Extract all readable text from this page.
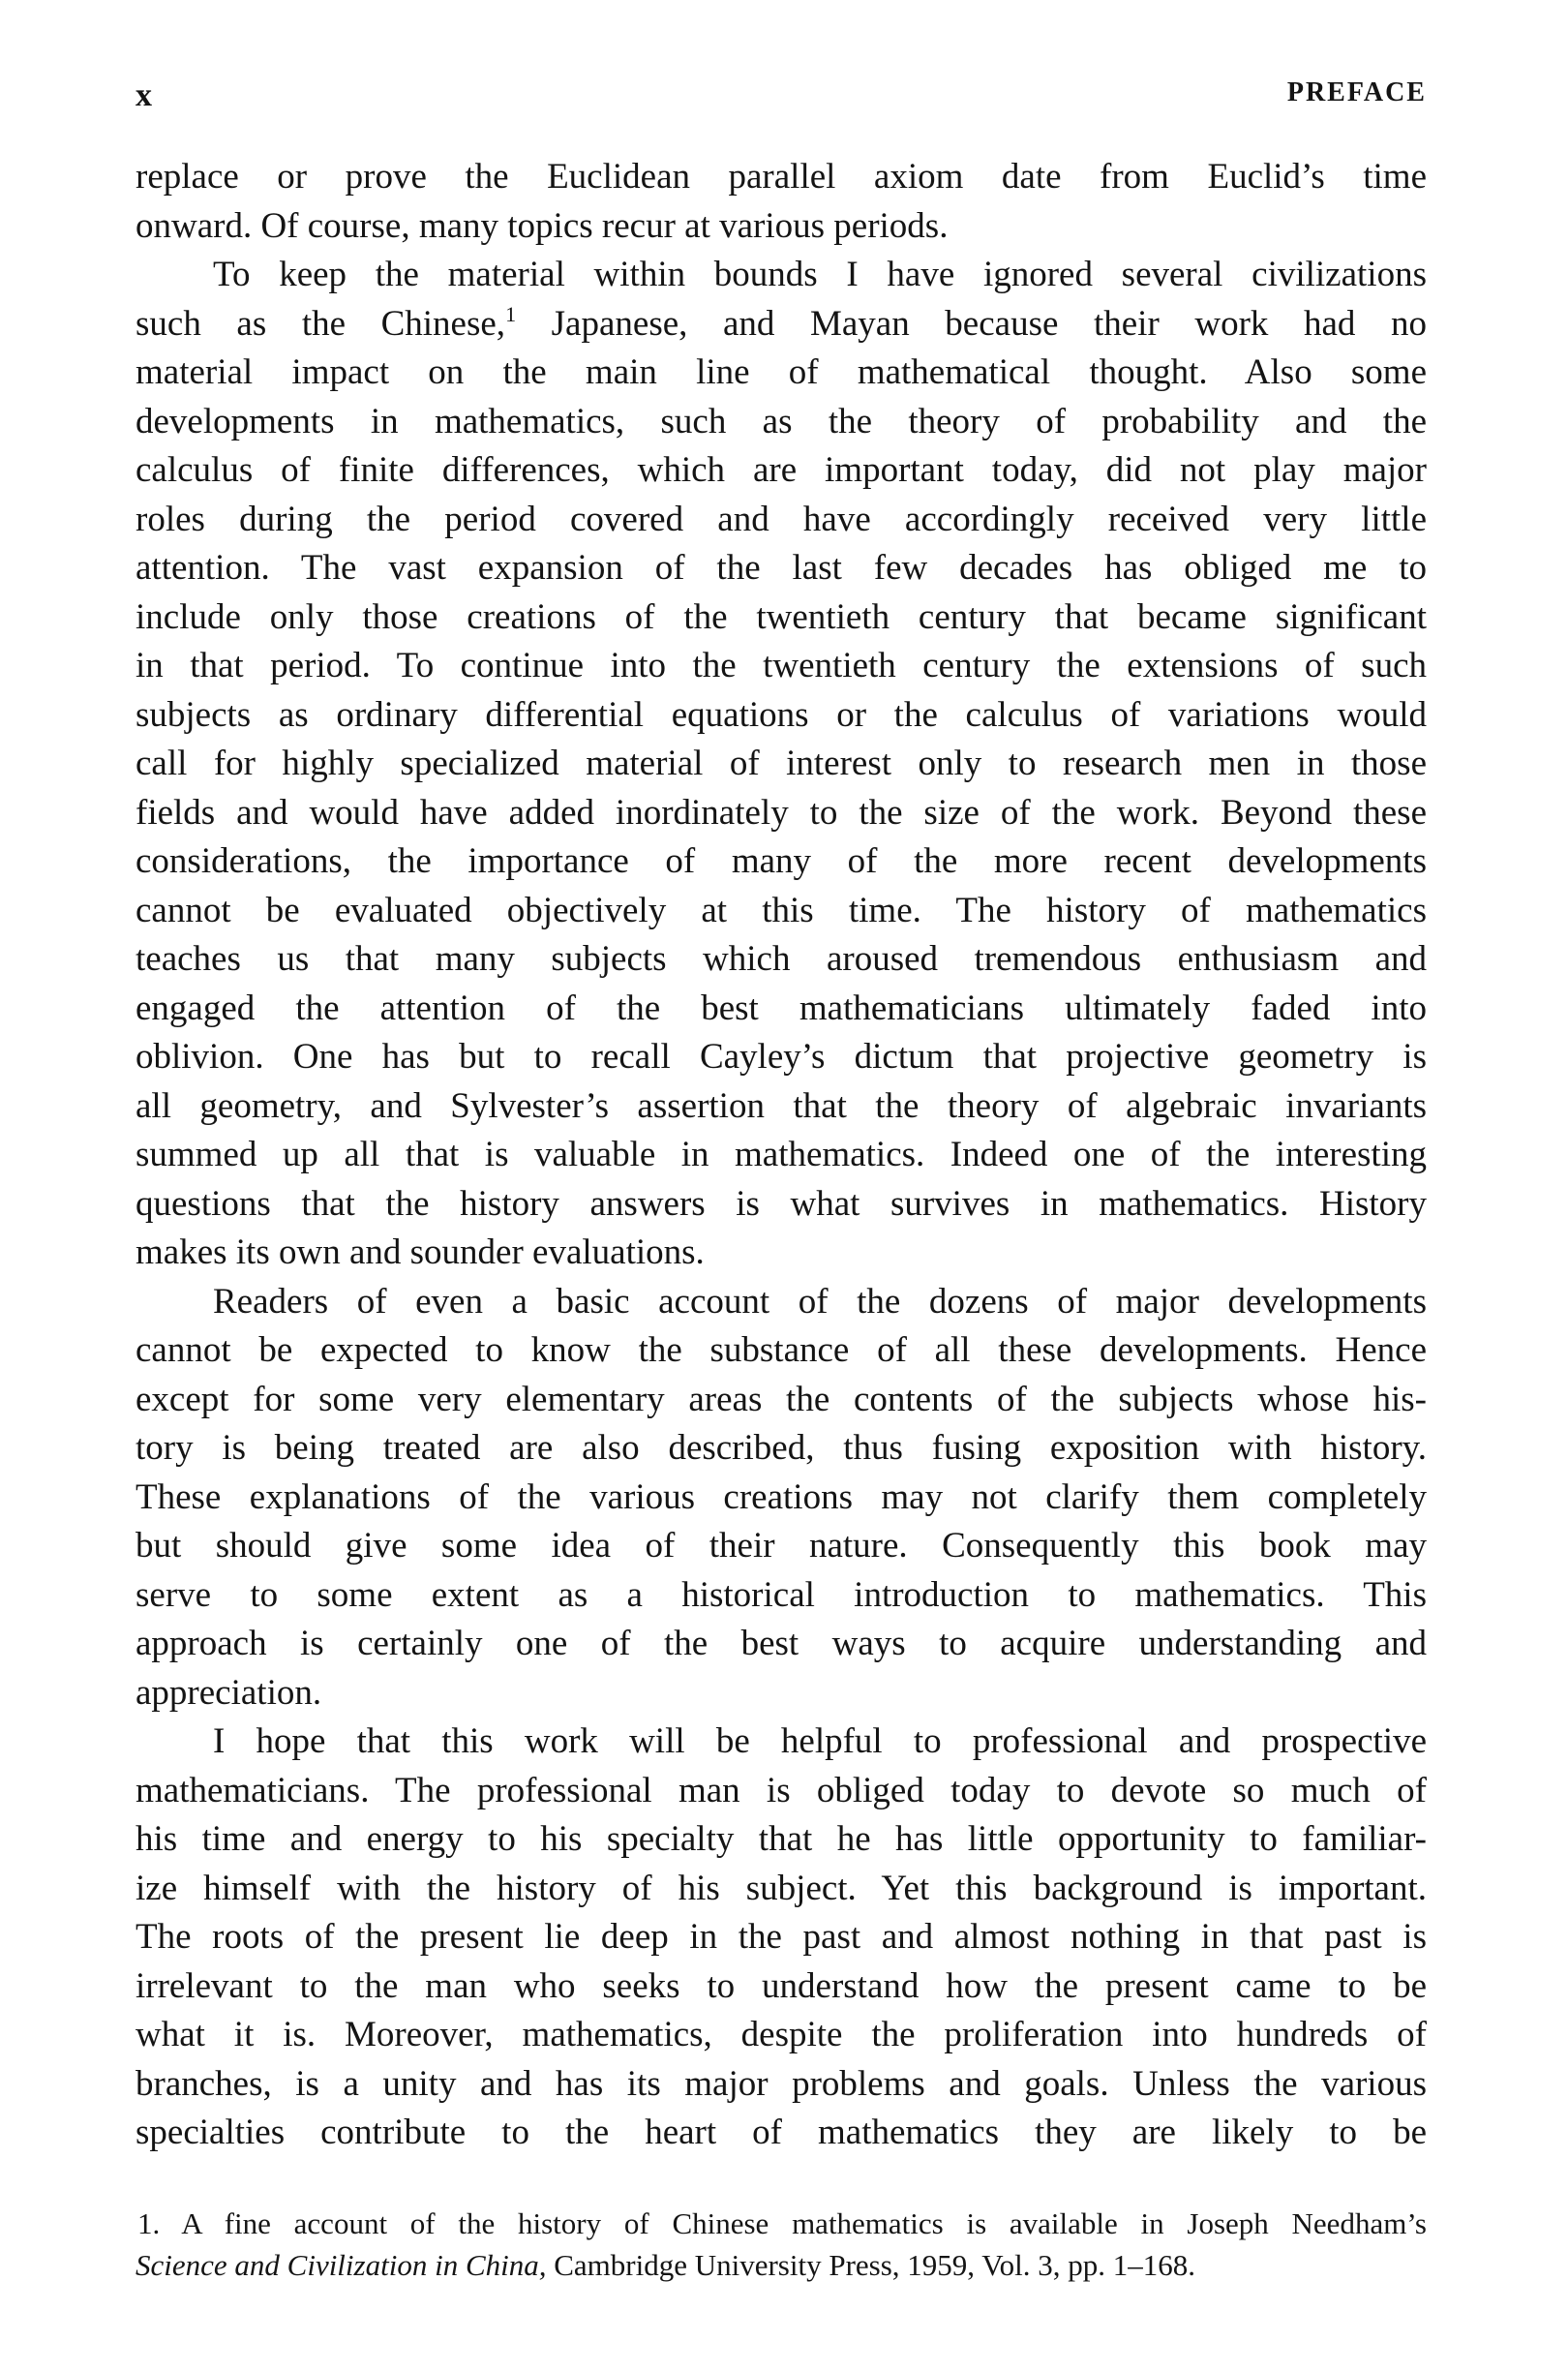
x	PREFACE
replace or prove the Euclidean parallel axiom date from Euclid’s time
onward. Of course, many topics recur at various periods.
To keep the material within bounds I have ignored several civilizations
such as the Chinese,$^1$ Japanese, and Mayan because their work had no
material impact on the main line of mathematical thought. Also some
developments in mathematics, such as the theory of probability and the
calculus of finite differences, which are important today, did not play major
roles during the period covered and have accordingly received very little
attention. The vast expansion of the last few decades has obliged me to
include only those creations of the twentieth century that became significant
in that period. To continue into the twentieth century the extensions of such
subjects as ordinary differential equations or the calculus of variations would
call for highly specialized material of interest only to research men in those
fields and would have added inordinately to the size of the work. Beyond these
considerations, the importance of many of the more recent developments
cannot be evaluated objectively at this time. The history of mathematics
teaches us that many subjects which aroused tremendous enthusiasm and
engaged the attention of the best mathematicians ultimately faded into
oblivion. One has but to recall Cayley’s dictum that projective geometry is
all geometry, and Sylvester’s assertion that the theory of algebraic invariants
summed up all that is valuable in mathematics. Indeed one of the interesting
questions that the history answers is what survives in mathematics. History
makes its own and sounder evaluations.
Readers of even a basic account of the dozens of major developments
cannot be expected to know the substance of all these developments. Hence
except for some very elementary areas the contents of the subjects whose his-
tory is being treated are also described, thus fusing exposition with history.
These explanations of the various creations may not clarify them completely
but should give some idea of their nature. Consequently this book may
serve to some extent as a historical introduction to mathematics. This
approach is certainly one of the best ways to acquire understanding and
appreciation.
I hope that this work will be helpful to professional and prospective
mathematicians. The professional man is obliged today to devote so much of
his time and energy to his specialty that he has little opportunity to familiar-
ize himself with the history of his subject. Yet this background is important.
The roots of the present lie deep in the past and almost nothing in that past is
irrelevant to the man who seeks to understand how the present came to be
what it is. Moreover, mathematics, despite the proliferation into hundreds of
branches, is a unity and has its major problems and goals. Unless the various
specialties contribute to the heart of mathematics they are likely to be
1. A fine account of the history of Chinese mathematics is available in Joseph Needham’s
Science and Civilization in China, Cambridge University Press, 1959, Vol. 3, pp. 1–168.
